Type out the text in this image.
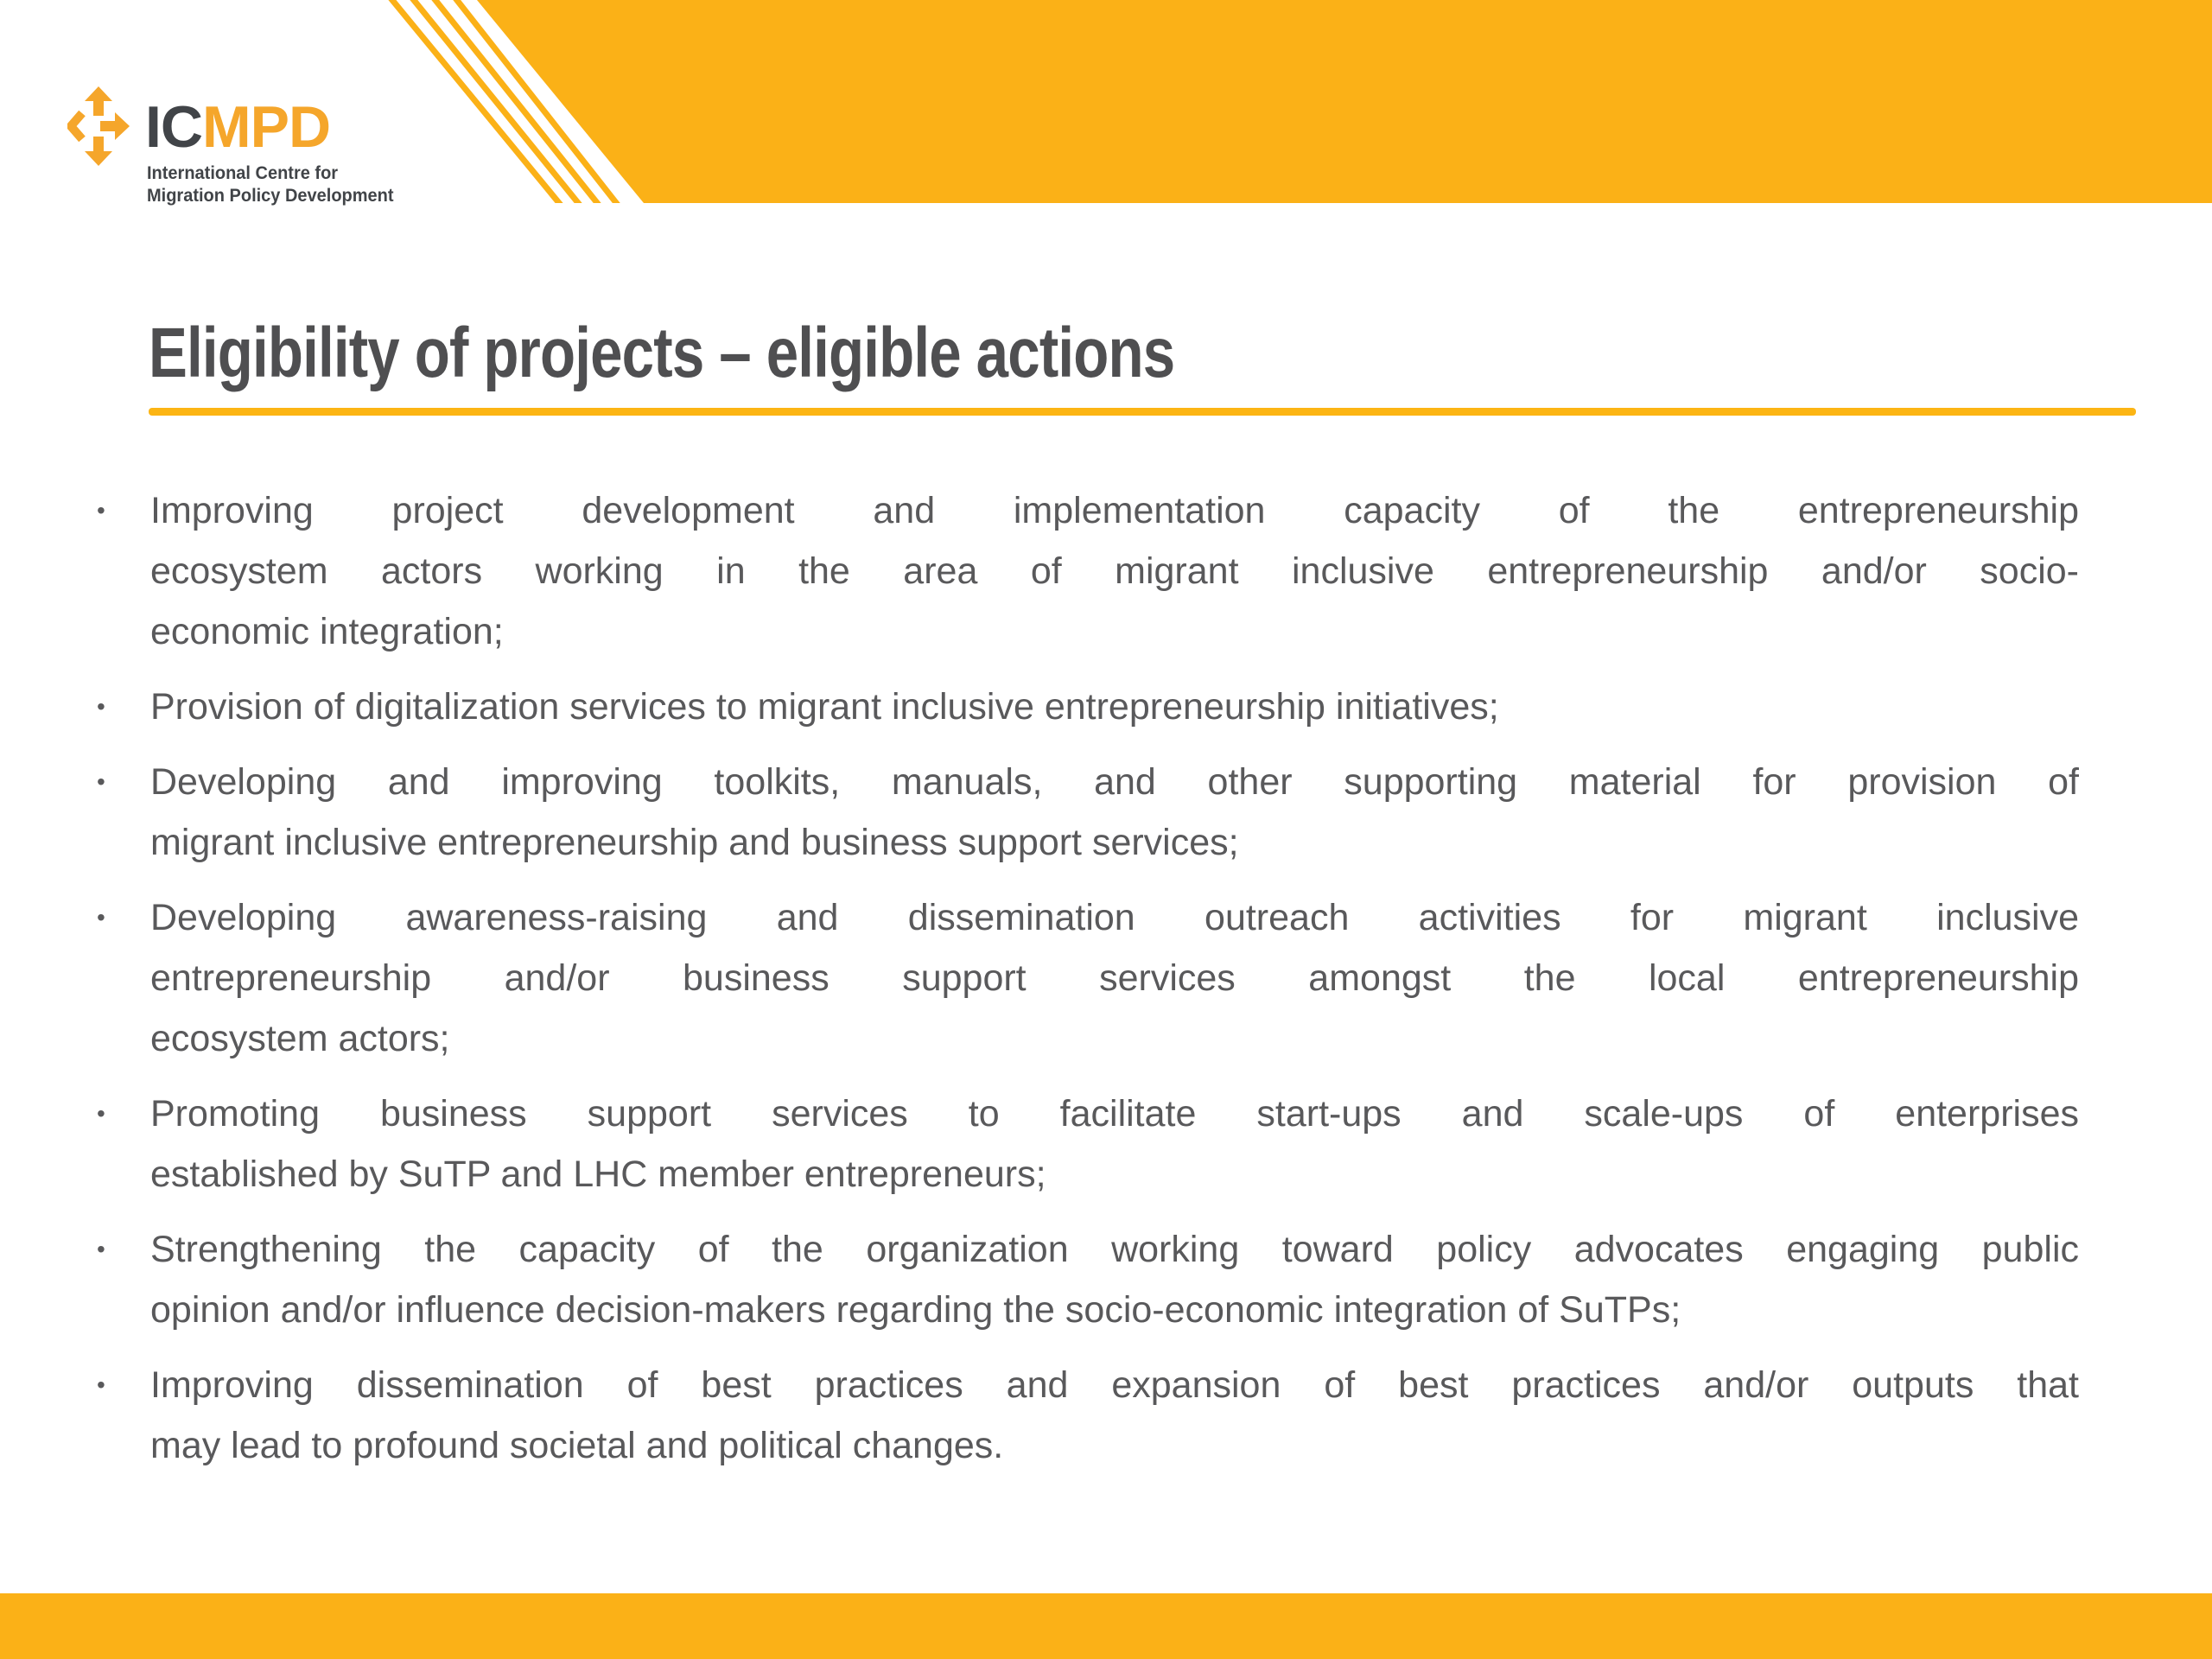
ICMPD
International Centre for
Migration Policy Development
Eligibility of projects – eligible actions
•	Improving project development and implementation capacity of the entrepreneurship
ecosystem actors working in the area of migrant inclusive entrepreneurship and/or socio-
economic integration;
•	Provision of digitalization services to migrant inclusive entrepreneurship initiatives;
•	Developing and improving toolkits, manuals, and other supporting material for provision of
migrant inclusive entrepreneurship and business support services;
•	Developing awareness-raising and dissemination outreach activities for migrant inclusive
entrepreneurship and/or business support services amongst the local entrepreneurship
ecosystem actors;
•	Promoting business support services to facilitate start-ups and scale-ups of enterprises
established by SuTP and LHC member entrepreneurs;
•	Strengthening the capacity of the organization working toward policy advocates engaging public
opinion and/or influence decision-makers regarding the socio-economic integration of SuTPs;
•	Improving dissemination of best practices and expansion of best practices and/or outputs that
may lead to profound societal and political changes.
